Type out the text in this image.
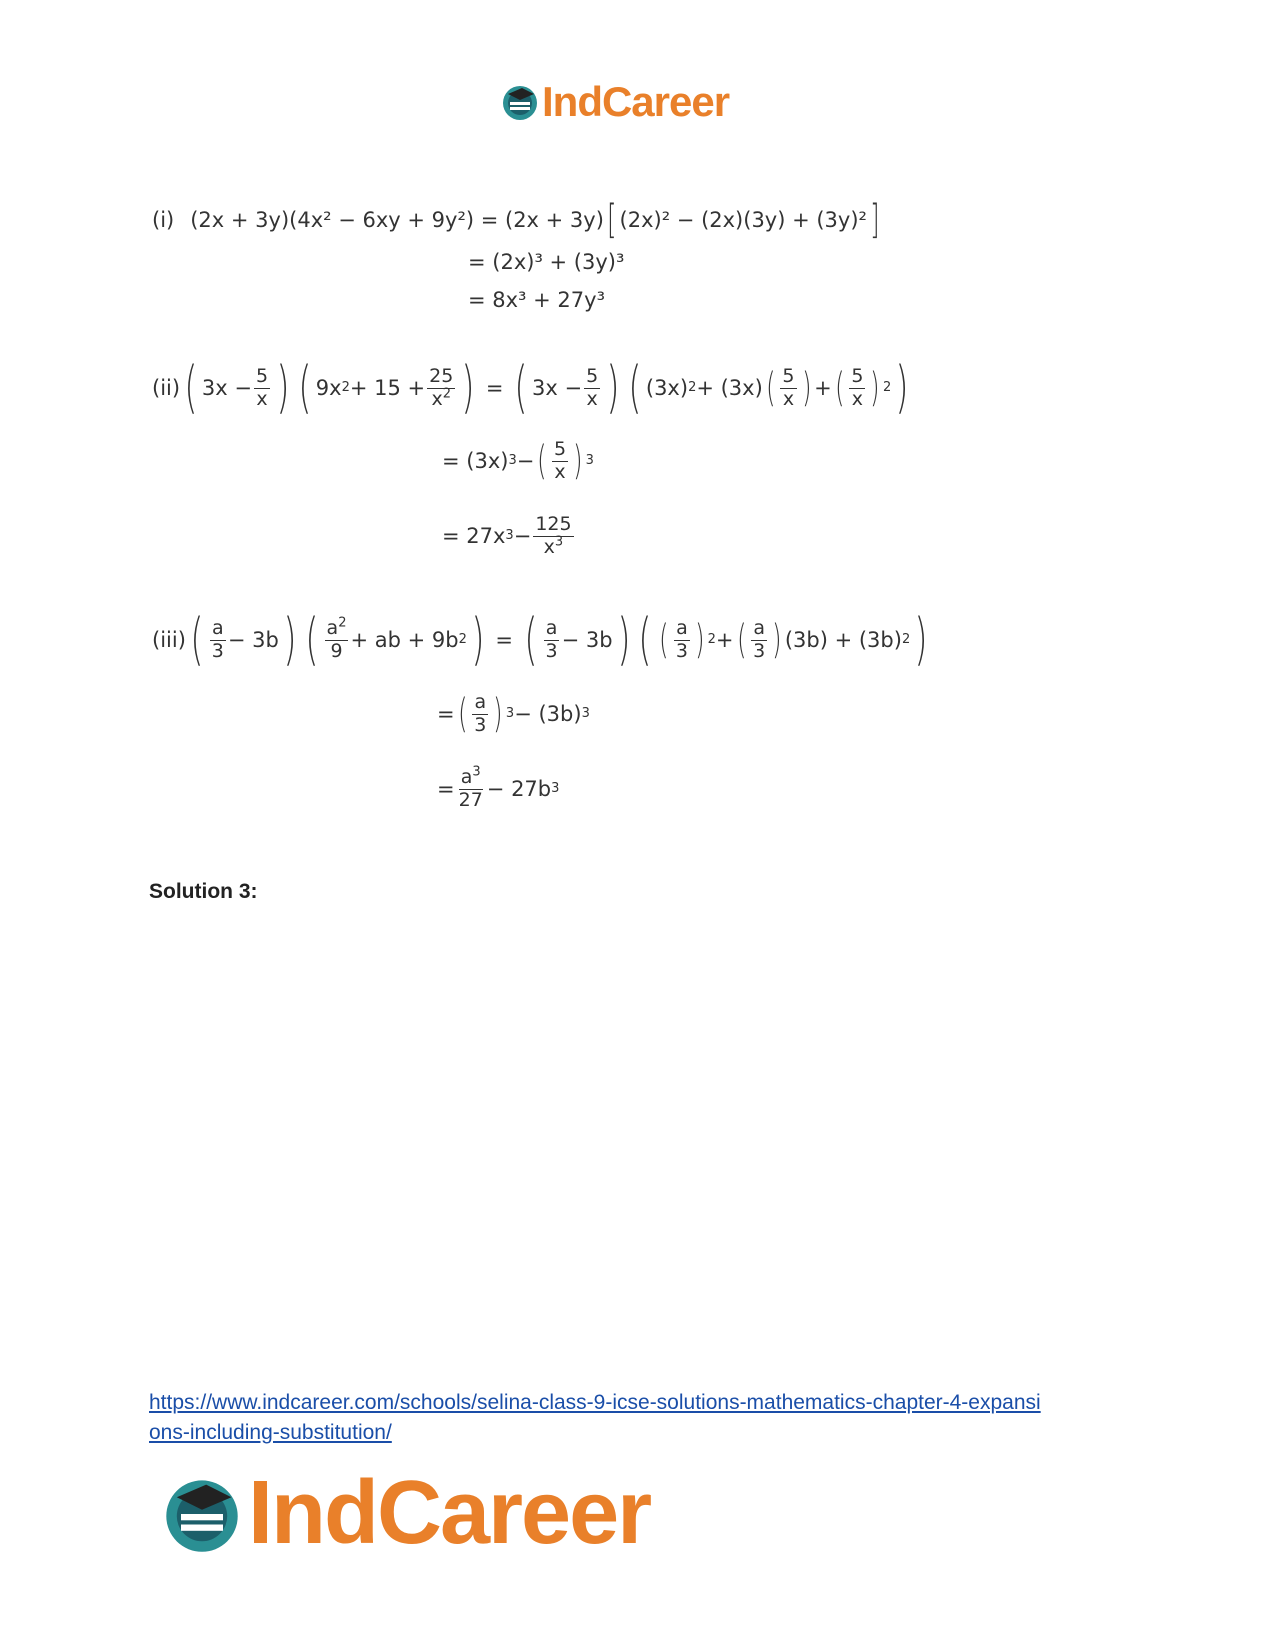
IndCareer
(i) (2x + 3y)(4x² − 6xy + 9y²) = (2x + 3y) [ (2x)² − (2x)(3y) + (3y)² ]
= (2x)³ + (3y)³
= 8x³ + 27y³
(ii) ( $3x - \frac{5}{x}$ ) ( 9x $2 + 15 + \frac{25}{x^2}$ ) = ( $3x - \frac{5}{x}$ ) ( (3x) 2 + (3x) ( $\frac{5}{x}$ ) + ( $\frac{5}{x}$ ) 2 )
= (3x) 3 − ( $\frac{5}{x}$ ) 3
= 27x $3 - \frac{125}{x^3}$
(iii) ( $\frac{a}{3} - 3b$ ) ( $\frac{a^2}{9}$ + ab + 9b 2 ) = ( $\frac{a}{3} - 3b$ ) ( ( $\frac{a}{3}$ ) 2 + ( $\frac{a}{3}$ ) (3b) + (3b) 2 )
= ( $\frac{a}{3}$ ) 3 − (3b) 3
= $\frac{a^3}{27} - 27b$ 3
Solution 3:
https://www.indcareer.com/schools/selina-class-9-icse-solutions-mathematics-chapter-4-expansi
ons-including-substitution/
IndCareer
